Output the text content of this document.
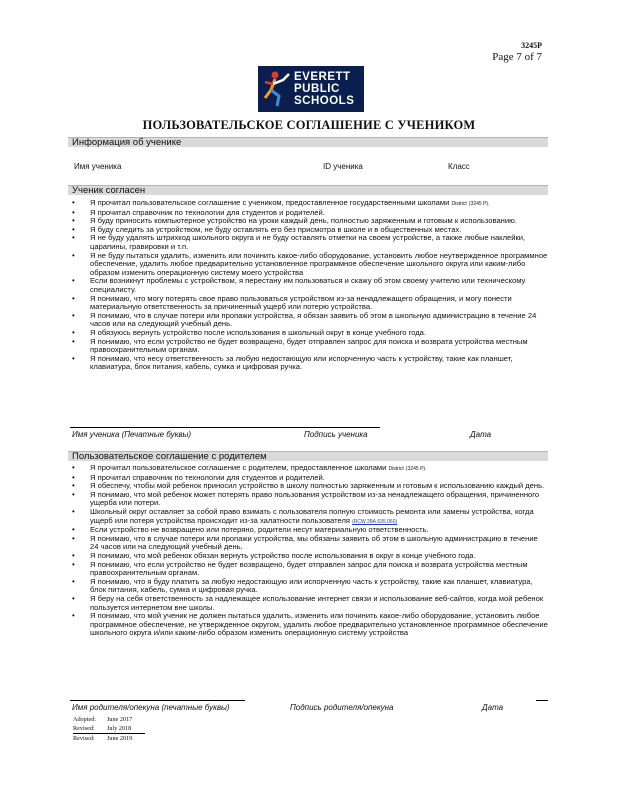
3245P
Page 7 of 7
EVERETT
PUBLIC
SCHOOLS
ПОЛЬЗОВАТЕЛЬСКОЕ СОГЛАШЕНИЕ С УЧЕНИКОМ
Информация об ученике
Имя ученика	ID ученика	Класс
Ученик согласен
• Я прочитал пользовательское соглашение с учеником, предоставленное государственными школами District (3245 P).
• Я прочитал справочник по технологии для студентов и родителей.
• Я буду приносить компьютерное устройство на уроки каждый день, полностью заряженным и готовым к использованию.
• Я буду следить за устройством, не буду оставлять его без присмотра в школе и в общественных местах.
• Я не буду удалять штрихкод школьного округа и не буду оставлять отметки на своем устройстве, а также любые наклейки, царапины, гравировки и т.п.
• Я не буду пытаться удалить, изменить или починить какое-либо оборудование, установить любое неутвержденное программное обеспечение, удалить любое предварительно установленное программное обеспечение школьного округа или каким-либо образом изменить операционную систему моего устройства
• Если возникнут проблемы с устройством, я перестану им пользоваться и скажу об этом своему учителю или техническому специалисту.
• Я понимаю, что могу потерять свое право пользоваться устройством из-за ненадлежащего обращения, и могу понести материальную ответственность за причиненный ущерб или потерю устройства.
• Я понимаю, что в случае потери или пропажи устройства, я обязан заявить об этом в школьную администрацию в течение 24 часов или на следующий учебный день.
• Я обязуюсь вернуть устройство после использования в школьный округ в конце учебного года.
• Я понимаю, что если устройство не будет возвращено, будет отправлен запрос для поиска и возврата устройства местным правоохранительным органам.
• Я понимаю, что несу ответственность за любую недостающую или испорченную часть к устройству, такие как планшет, клавиатура, блок питания, кабель, сумка и цифровая ручка.
Имя ученика (Печатные буквы)	Подпись ученика	Дата
Пользовательское соглашение с родителем
• Я прочитал пользовательское соглашение с родителем, предоставленное школами District (3245 P).
• Я прочитал справочник по технологии для студентов и родителей.
• Я обеспечу, чтобы мой ребенок приносил устройство в школу полностью заряженным и готовым к использованию каждый день.
• Я понимаю, что мой ребенок может потерять право пользования устройством из-за ненадлежащего обращения, причиненного ущерба или потери.
• Школьный округ оставляет за собой право взимать с пользователя полную стоимость ремонта или замены устройства, когда ущерб или потеря устройства происходит из-за халатности пользователя (RCW 28A.635.060)
• Если устройство не возвращено или потеряно, родители несут материальную ответственность.
• Я понимаю, что в случае потери или пропажи устройства, мы обязаны заявить об этом в школьную администрацию в течение 24 часов или на следующий учебный день.
• Я понимаю, что мой ребенок обязан вернуть устройство после использования в округ в конце учебного года.
• Я понимаю, что если устройство не будет возвращено, будет отправлен запрос для поиска и возврата устройства местным правоохранительным органам.
• Я понимаю, что я буду платить за любую недостающую или испорченную часть к устройству, такие как планшет, клавиатура, блок питания, кабель, сумка и цифровая ручка.
• Я беру на себя ответственность за надлежащее использование интернет связи и использование веб-сайтов, когда мой ребенок пользуется интернетом вне школы.
• Я понимаю, что мой ученик не должен пытаться удалить, изменить или починить какое-либо оборудование, установить любое программное обеспечение, не утвержденное округом, удалить любое предварительно установленное программное обеспечение школьного округа и/или каким-либо образом изменить операционную систему устройства
Имя родителя/опекуна (печатные буквы)	Подпись родителя/опекуна	Дата
Adopted: June 2017
Revised: July 2018
Revised: June 2019
